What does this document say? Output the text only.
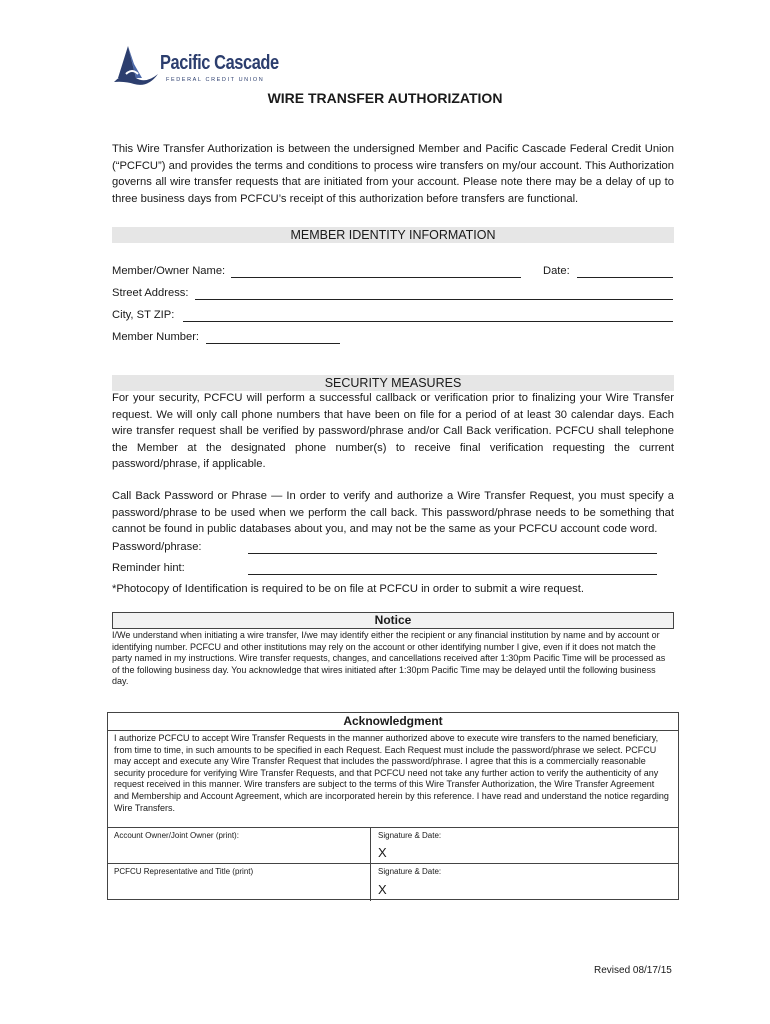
Pacific Cascade
FEDERAL CREDIT UNION
WIRE TRANSFER AUTHORIZATION
This Wire Transfer Authorization is between the undersigned Member and Pacific Cascade Federal Credit Union (“PCFCU”) and provides the terms and conditions to process wire transfers on my/our account. This Authorization governs all wire transfer requests that are initiated from your account. Please note there may be a delay of up to three business days from PCFCU’s receipt of this authorization before transfers are functional.
MEMBER IDENTITY INFORMATION
Member/Owner Name:	Date:
Street Address:
City, ST ZIP:
Member Number:
SECURITY MEASURES
For your security, PCFCU will perform a successful callback or verification prior to finalizing your Wire Transfer request. We will only call phone numbers that have been on file for a period of at least 30 calendar days. Each wire transfer request shall be verified by password/phrase and/or Call Back verification. PCFCU shall telephone the Member at the designated phone number(s) to receive final verification requesting the current password/phrase, if applicable.
Call Back Password or Phrase — In order to verify and authorize a Wire Transfer Request, you must specify a password/phrase to be used when we perform the call back. This password/phrase needs to be something that cannot be found in public databases about you, and may not be the same as your PCFCU account code word.
Password/phrase:
Reminder hint:
*Photocopy of Identification is required to be on file at PCFCU in order to submit a wire request.
Notice
I/We understand when initiating a wire transfer, I/we may identify either the recipient or any financial institution by name and by account or identifying number. PCFCU and other institutions may rely on the account or other identifying number I give, even if it does not match the party named in my instructions. Wire transfer requests, changes, and cancellations received after 1:30pm Pacific Time will be processed as of the following business day. You acknowledge that wires initiated after 1:30pm Pacific Time may be delayed until the following business day.
Acknowledgment
I authorize PCFCU to accept Wire Transfer Requests in the manner authorized above to execute wire transfers to the named beneficiary, from time to time, in such amounts to be specified in each Request. Each Request must include the password/phrase we select. PCFCU may accept and execute any Wire Transfer Request that includes the password/phrase. I agree that this is a commercially reasonable security procedure for verifying Wire Transfer Requests, and that PCFCU need not take any further action to verify the authenticity of any request received in this manner. Wire transfers are subject to the terms of this Wire Transfer Authorization, the Wire Transfer Agreement and Membership and Account Agreement, which are incorporated herein by this reference. I have read and understand the notice regarding Wire Transfers.
Account Owner/Joint Owner (print):	Signature & Date:
X
PCFCU Representative and Title (print)	Signature & Date:
X
Revised 08/17/15
